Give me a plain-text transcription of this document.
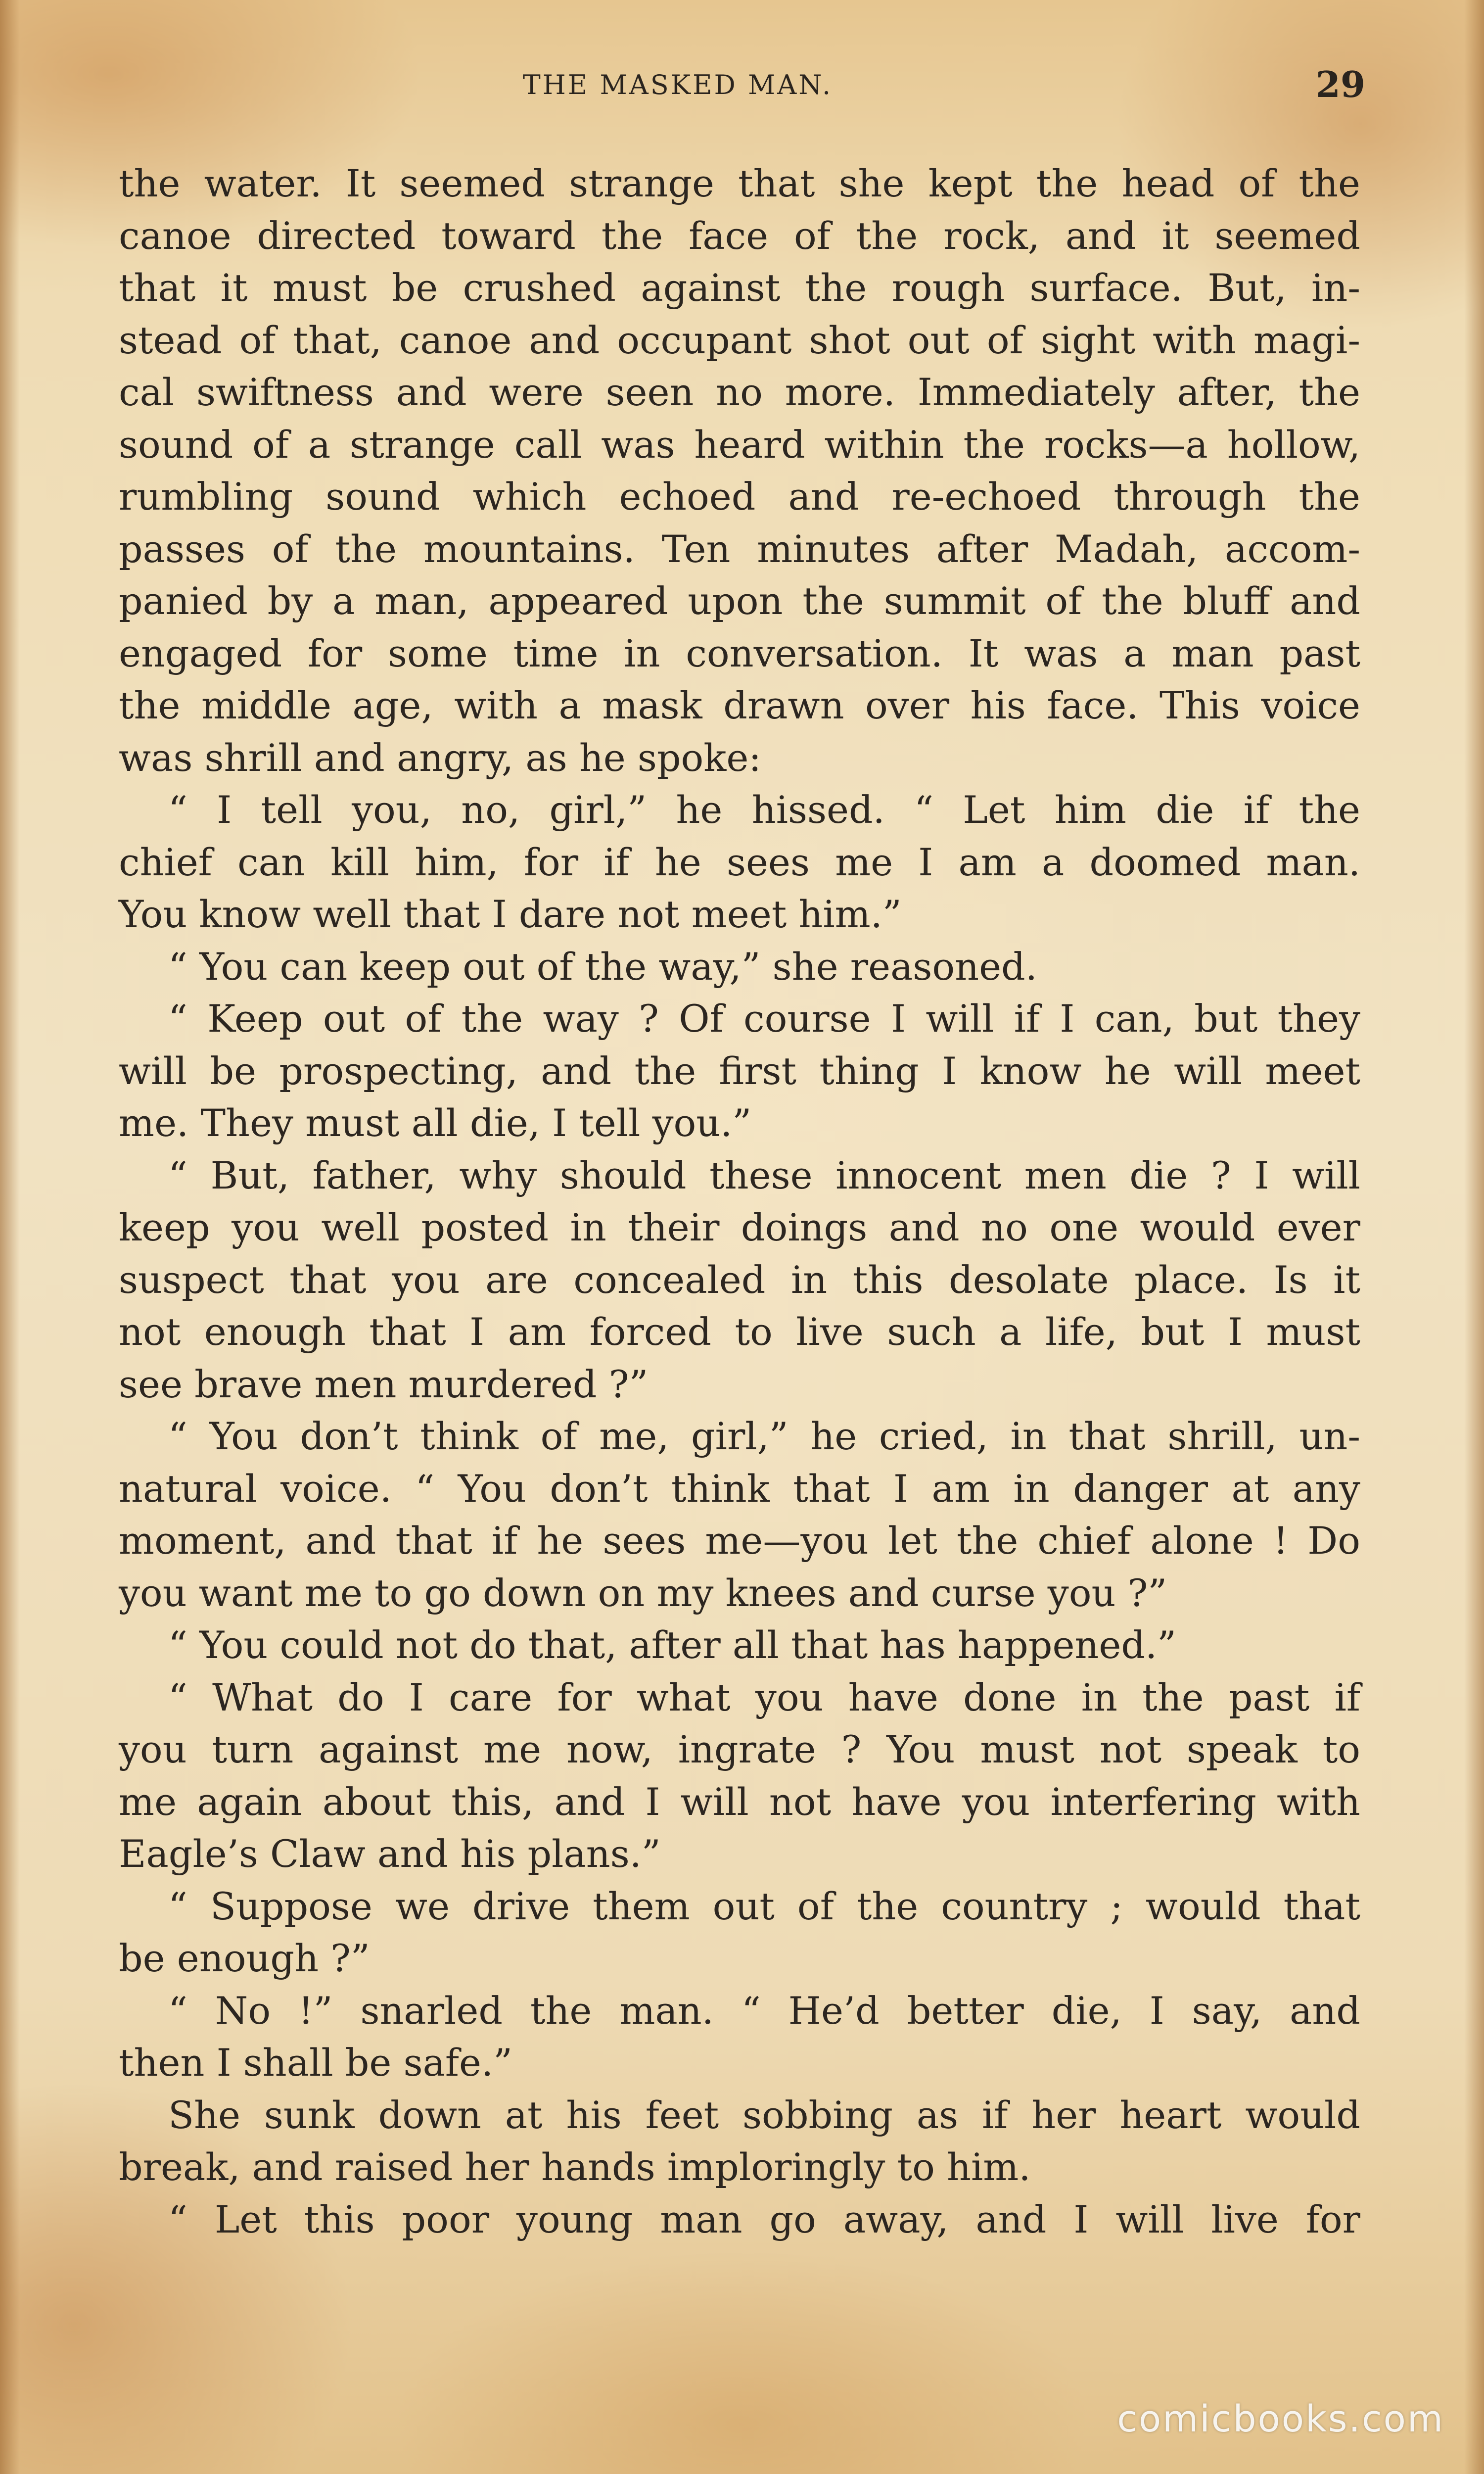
THE MASKED MAN.	29
the water. It seemed strange that she kept the head of the
canoe directed toward the face of the rock, and it seemed
that it must be crushed against the rough surface. But, in-
stead of that, canoe and occupant shot out of sight with magi-
cal swiftness and were seen no more. Immediately after, the
sound of a strange call was heard within the rocks—a hollow,
rumbling sound which echoed and re-echoed through the
passes of the mountains. Ten minutes after Madah, accom-
panied by a man, appeared upon the summit of the bluff and
engaged for some time in conversation. It was a man past
the middle age, with a mask drawn over his face. This voice
was shrill and angry, as he spoke:
“ I tell you, no, girl,” he hissed. “ Let him die if the
chief can kill him, for if he sees me I am a doomed man.
You know well that I dare not meet him.”
“ You can keep out of the way,” she reasoned.
“ Keep out of the way ? Of course I will if I can, but they
will be prospecting, and the first thing I know he will meet
me. They must all die, I tell you.”
“ But, father, why should these innocent men die ? I will
keep you well posted in their doings and no one would ever
suspect that you are concealed in this desolate place. Is it
not enough that I am forced to live such a life, but I must
see brave men murdered ?”
“ You don’t think of me, girl,” he cried, in that shrill, un-
natural voice. “ You don’t think that I am in danger at any
moment, and that if he sees me—you let the chief alone ! Do
you want me to go down on my knees and curse you ?”
“ You could not do that, after all that has happened.”
“ What do I care for what you have done in the past if
you turn against me now, ingrate ? You must not speak to
me again about this, and I will not have you interfering with
Eagle’s Claw and his plans.”
“ Suppose we drive them out of the country ; would that
be enough ?”
“ No !” snarled the man. “ He’d better die, I say, and
then I shall be safe.”
She sunk down at his feet sobbing as if her heart would
break, and raised her hands imploringly to him.
“ Let this poor young man go away, and I will live for
comicbooks.com
